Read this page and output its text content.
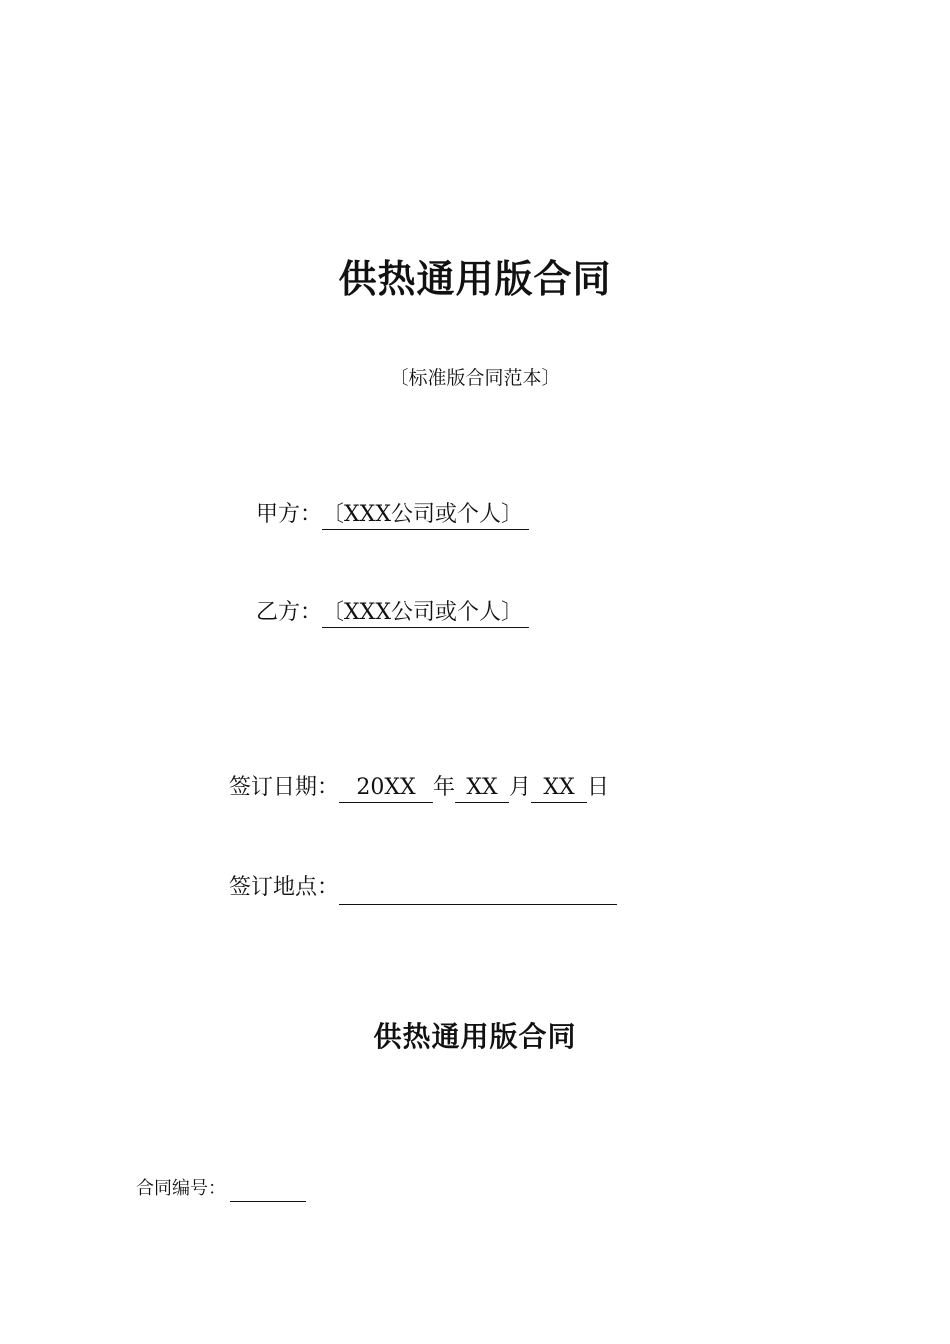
供热通用版合同
〔标准版合同范本〕
甲方：〔XXX公司或个人〕
乙方：〔XXX公司或个人〕
签订日期： 20XX 年 XX 月 XX 日
签订地点：
供热通用版合同
合同编号：
